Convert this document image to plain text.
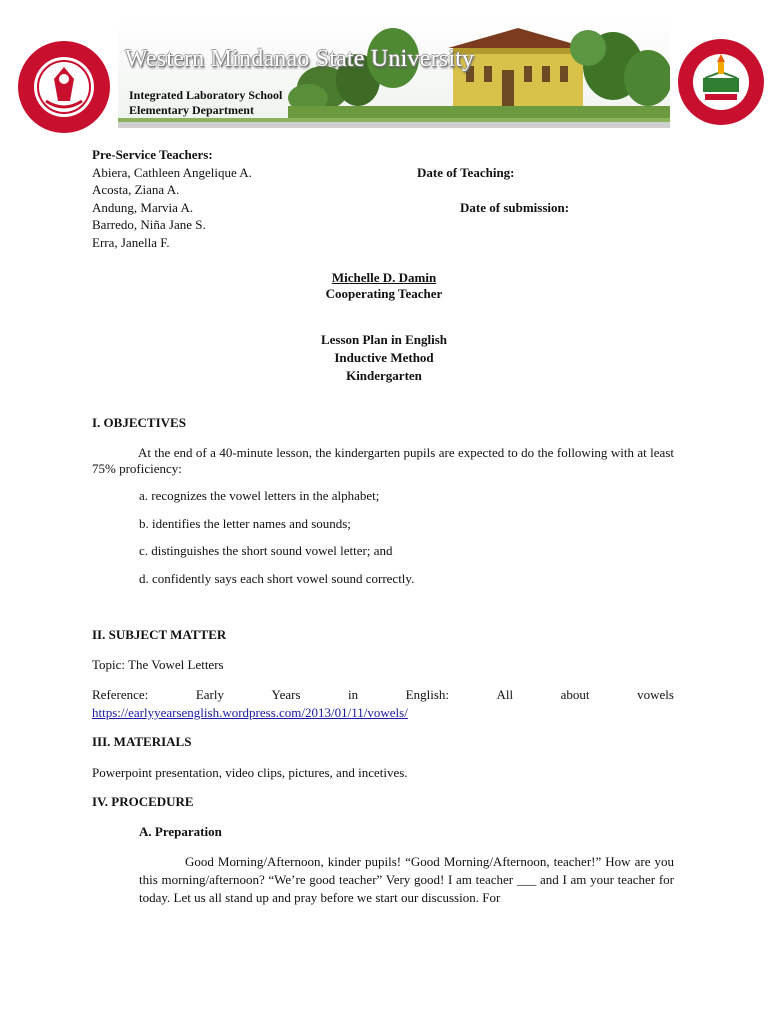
Western Mindanao State University
Integrated Laboratory School
Elementary Department
Pre-Service Teachers:
Abiera, Cathleen Angelique A.
Acosta, Ziana A.
Andung, Marvia A.
Barredo, Niña Jane S.
Erra, Janella F.
Date of Teaching:
Date of submission:
Michelle D. Damin
Cooperating Teacher
Lesson Plan in English
Inductive Method
Kindergarten
I. OBJECTIVES
At the end of a 40-minute lesson, the kindergarten pupils are expected to do the following with at least 75% proficiency:
a. recognizes the vowel letters in the alphabet;
b. identifies the letter names and sounds;
c. distinguishes the short sound vowel letter; and
d. confidently says each short vowel sound correctly.
II. SUBJECT MATTER
Topic: The Vowel Letters
Reference:	Early	Years	in	English:	All	about	vowels
https://earlyyearsenglish.wordpress.com/2013/01/11/vowels/
III. MATERIALS
Powerpoint presentation, video clips, pictures, and incetives.
IV. PROCEDURE
A. Preparation
Good Morning/Afternoon, kinder pupils! “Good Morning/Afternoon, teacher!” How are you this morning/afternoon? “We’re good teacher” Very good! I am teacher ___ and I am your teacher for today. Let us all stand up and pray before we start our discussion. For
